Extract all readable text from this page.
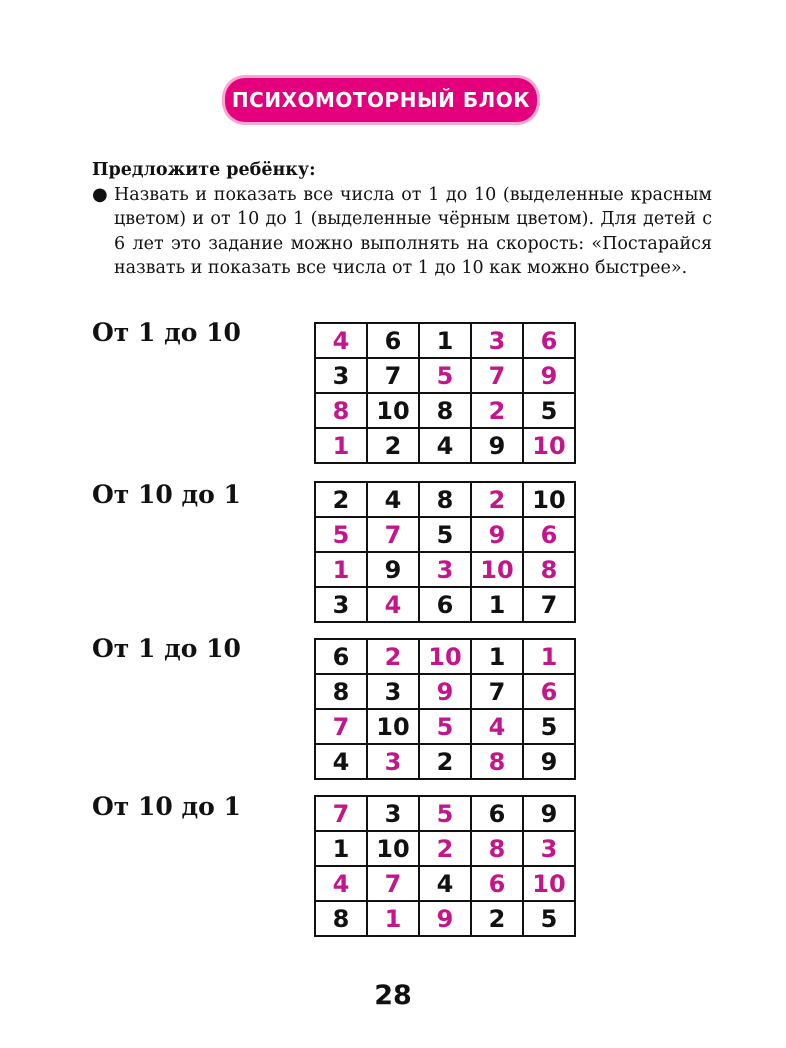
ПСИХОМОТОРНЫЙ БЛОК
Предложите ребёнку:
● Назвать и показать все числа от 1 до 10 (выделенные красным цветом) и от 10 до 1 (выделенные чёрным цветом). Для детей с 6 лет это задание можно выполнять на скорость: «Постарайся назвать и показать все числа от 1 до 10 как можно быстрее».
От 1 до 10	4	6	1	3	6
3	7	5	7	9
8	10	8	2	5
1	2	4	9	10
От 10 до 1	2	4	8	2	10
5	7	5	9	6
1	9	3	10	8
3	4	6	1	7
От 1 до 10	6	2	10	1	1
8	3	9	7	6
7	10	5	4	5
4	3	2	8	9
От 10 до 1	7	3	5	6	9
1	10	2	8	3
4	7	4	6	10
8	1	9	2	5
28
